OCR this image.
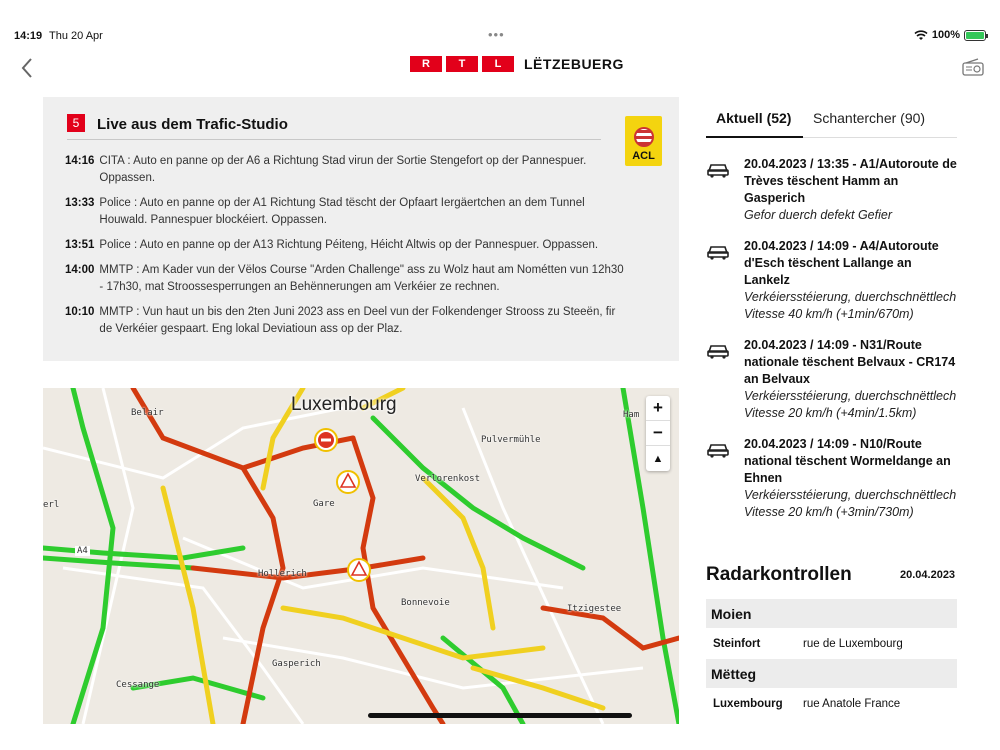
14:19 Thu 20 Apr	•••	100%
R	T	L	LËTZEBUERG
5	Live aus dem Trafic-Studio
ACL
14:16 CITA : Auto en panne op der A6 a Richtung Stad virun der Sortie Stengefort op der Pannespuer. Oppassen.
13:33 Police : Auto en panne op der A1 Richtung Stad tëscht der Opfaart Iergäertchen an dem Tunnel Houwald. Pannespuer blockéiert. Oppassen.
13:51 Police : Auto en panne op der A13 Richtung Péiteng, Héicht Altwis op der Pannespuer. Oppassen.
14:00 MMTP : Am Kader vun der Vëlos Course "Arden Challenge" ass zu Wolz haut am Nométten vun 12h30 - 17h30, mat Stroossesperrungen an Behënnerungen am Verkéier ze rechnen.
10:10 MMTP : Vun haut un bis den 2ten Juni 2023 ass en Deel vun der Folkendenger Strooss zu Steeën, fir de Verkéier gespaart. Eng lokal Deviatioun ass op der Plaz.
Luxembourg
Belair
Pulvermühle
Verlorenkost
Gare
Hollerich
Bonnevoie
Itzigestee
Gasperich
Cessange
A4
Ham
erl
+
−
▲
Aktuell (52) Schantercher (90)
20.04.2023 / 13:35 - A1/Autoroute de Trèves tëschent Hamm an Gasperich
Gefor duerch defekt Gefier
20.04.2023 / 14:09 - A4/Autoroute d'Esch tëschent Lallange an Lankelz
Verkéiersstéierung, duerchschnëttlech Vitesse 40 km/h (+1min/670m)
20.04.2023 / 14:09 - N31/Route nationale tëschent Belvaux - CR174 an Belvaux
Verkéiersstéierung, duerchschnëttlech Vitesse 20 km/h (+4min/1.5km)
20.04.2023 / 14:09 - N10/Route national tëschent Wormeldange an Ehnen
Verkéiersstéierung, duerchschnëttlech Vitesse 20 km/h (+3min/730m)
Radarkontrollen	20.04.2023
Moien
Steinfort	rue de Luxembourg
Mëtteg
Luxembourg	rue Anatole France
